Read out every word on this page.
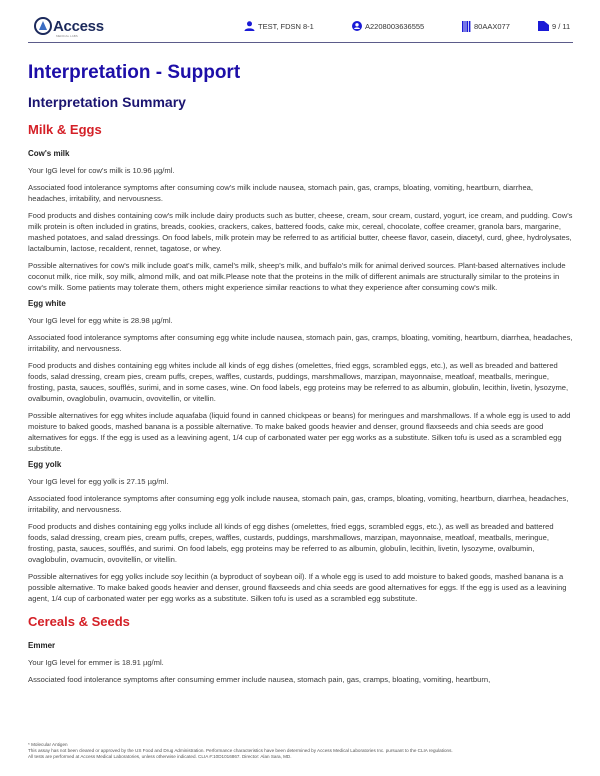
Access
MEDICAL LABS
TEST, FDSN 8-1	A2208003636555	80AAX077	9 / 11
Interpretation - Support
Interpretation Summary
Milk & Eggs

Cow's milk

Your IgG level for cow's milk is 10.96 µg/ml.

Associated food intolerance symptoms after consuming cow's milk include nausea, stomach pain, gas, cramps, bloating, vomiting, heartburn, diarrhea, headaches, irritability, and nervousness.

Food products and dishes containing cow's milk include dairy products such as butter, cheese, cream, sour cream, custard, yogurt, ice cream, and pudding. Cow's milk protein is often included in gratins, breads, cookies, crackers, cakes, battered foods, cake mix, cereal, chocolate, coffee creamer, granola bars, margarine, mashed potatoes, and salad dressings. On food labels, milk protein may be referred to as artificial butter, cheese flavor, casein, diacetyl, curd, ghee, hydrolysates, lactalbumin, lactose, recaldent, rennet, tagatose, or whey.

Possible alternatives for cow's milk include goat's milk, camel's milk, sheep's milk, and buffalo's milk for animal derived sources. Plant-based alternatives include coconut milk, rice milk, soy milk, almond milk, and oat milk.Please note that the proteins in the milk of different animals are structurally similar to the proteins in cow's milk. Some patients may tolerate them, others might experience similar reactions to what they experience after consuming cow's milk.

Egg white

Your IgG level for egg white is 28.98 µg/ml.

Associated food intolerance symptoms after consuming egg white include nausea, stomach pain, gas, cramps, bloating, vomiting, heartburn, diarrhea, headaches, irritability, and nervousness.

Food products and dishes containing egg whites include all kinds of egg dishes (omelettes, fried eggs, scrambled eggs, etc.), as well as breaded and battered foods, salad dressing, cream pies, cream puffs, crepes, waffles, custards, puddings, marshmallows, marzipan, mayonnaise, meatloaf, meatballs, meringue, frosting, pasta, sauces, soufflés, surimi, and in some cases, wine. On food labels, egg proteins may be referred to as albumin, globulin, lecithin, livetin, lysozyme, ovalbumin, ovaglobulin, ovamucin, ovovitellin, or vitellin.

Possible alternatives for egg whites include aquafaba (liquid found in canned chickpeas or beans) for meringues and marshmallows. If a whole egg is used to add moisture to baked goods, mashed banana is a possible alternative. To make baked goods heavier and denser, ground flaxseeds and chia seeds are good alternatives for eggs. If the egg is used as a leavining agent, 1/4 cup of carbonated water per egg works as a substitute. Silken tofu is used as a scrambled egg substitute.

Egg yolk

Your IgG level for egg yolk is 27.15 µg/ml.

Associated food intolerance symptoms after consuming egg yolk include nausea, stomach pain, gas, cramps, bloating, vomiting, heartburn, diarrhea, headaches, irritability, and nervousness.

Food products and dishes containing egg yolks include all kinds of egg dishes (omelettes, fried eggs, scrambled eggs, etc.), as well as breaded and battered foods, salad dressing, cream pies, cream puffs, crepes, waffles, custards, puddings, marshmallows, marzipan, mayonnaise, meatloaf, meatballs, meringue, frosting, pasta, sauces, soufflés, and surimi. On food labels, egg proteins may be referred to as albumin, globulin, lecithin, livetin, lysozyme, ovalbumin, ovaglobulin, ovamucin, ovovitellin, or vitellin.

Possible alternatives for egg yolks include soy lecithin (a byproduct of soybean oil). If a whole egg is used to add moisture to baked goods, mashed banana is a possible alternative. To make baked goods heavier and denser, ground flaxseeds and chia seeds are good alternatives for eggs. If the egg is used as a leavining agent, 1/4 cup of carbonated water per egg works as a substitute. Silken tofu is used as a scrambled egg substitute.

Cereals & Seeds

Emmer

Your IgG level for emmer is 18.91 µg/ml.

Associated food intolerance symptoms after consuming emmer include nausea, stomach pain, gas, cramps, bloating, vomiting, heartburn,

* Molecular Antigen
This assay has not been cleared or approved by the US Food and Drug Administration. Performance characteristics have been determined by Access Medical Laboratories Inc. pursuant to the CLIA regulations.
All tests are performed at Access Medical Laboratories, unless otherwise indicated. CLIA #:10D1016867. Director: Alan Sara, MD.
